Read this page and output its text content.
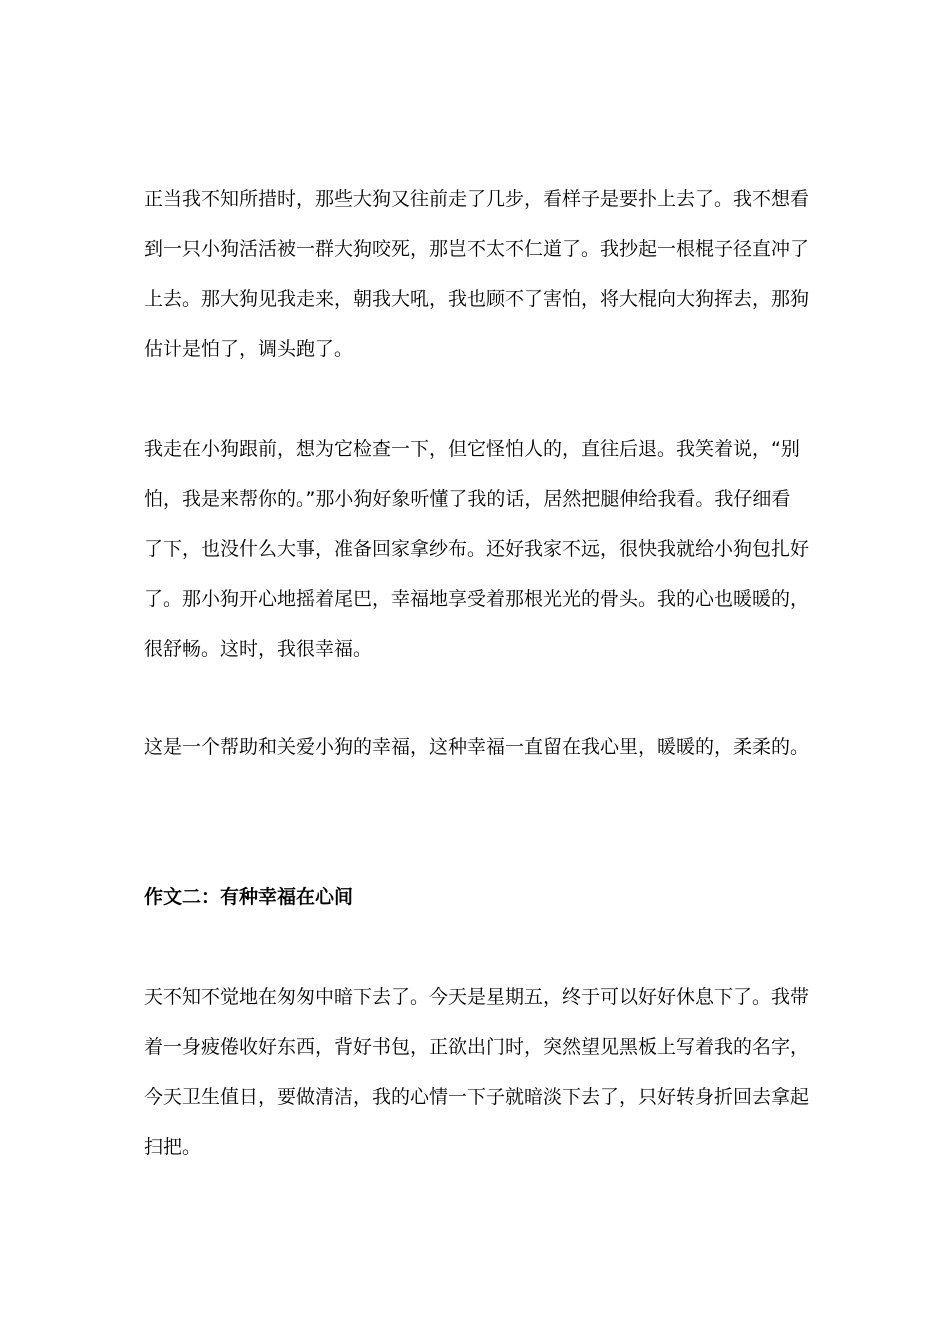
正当我不知所措时，那些大狗又往前走了几步，看样子是要扑上去了。我不想看到一只小狗活活被一群大狗咬死，那岂不太不仁道了。我抄起一根棍子径直冲了上去。那大狗见我走来，朝我大吼，我也顾不了害怕，将大棍向大狗挥去，那狗估计是怕了，调头跑了。

我走在小狗跟前，想为它检查一下，但它怪怕人的，直往后退。我笑着说，“别怕，我是来帮你的。”那小狗好象听懂了我的话，居然把腿伸给我看。我仔细看了下，也没什么大事，准备回家拿纱布。还好我家不远，很快我就给小狗包扎好了。那小狗开心地摇着尾巴，幸福地享受着那根光光的骨头。我的心也暖暖的，很舒畅。这时，我很幸福。

这是一个帮助和关爱小狗的幸福，这种幸福一直留在我心里，暖暖的，柔柔的。

作文二：有种幸福在心间

天不知不觉地在匆匆中暗下去了。今天是星期五，终于可以好好休息下了。我带着一身疲倦收好东西，背好书包，正欲出门时，突然望见黑板上写着我的名字，今天卫生值日，要做清洁，我的心情一下子就暗淡下去了，只好转身折回去拿起扫把。
